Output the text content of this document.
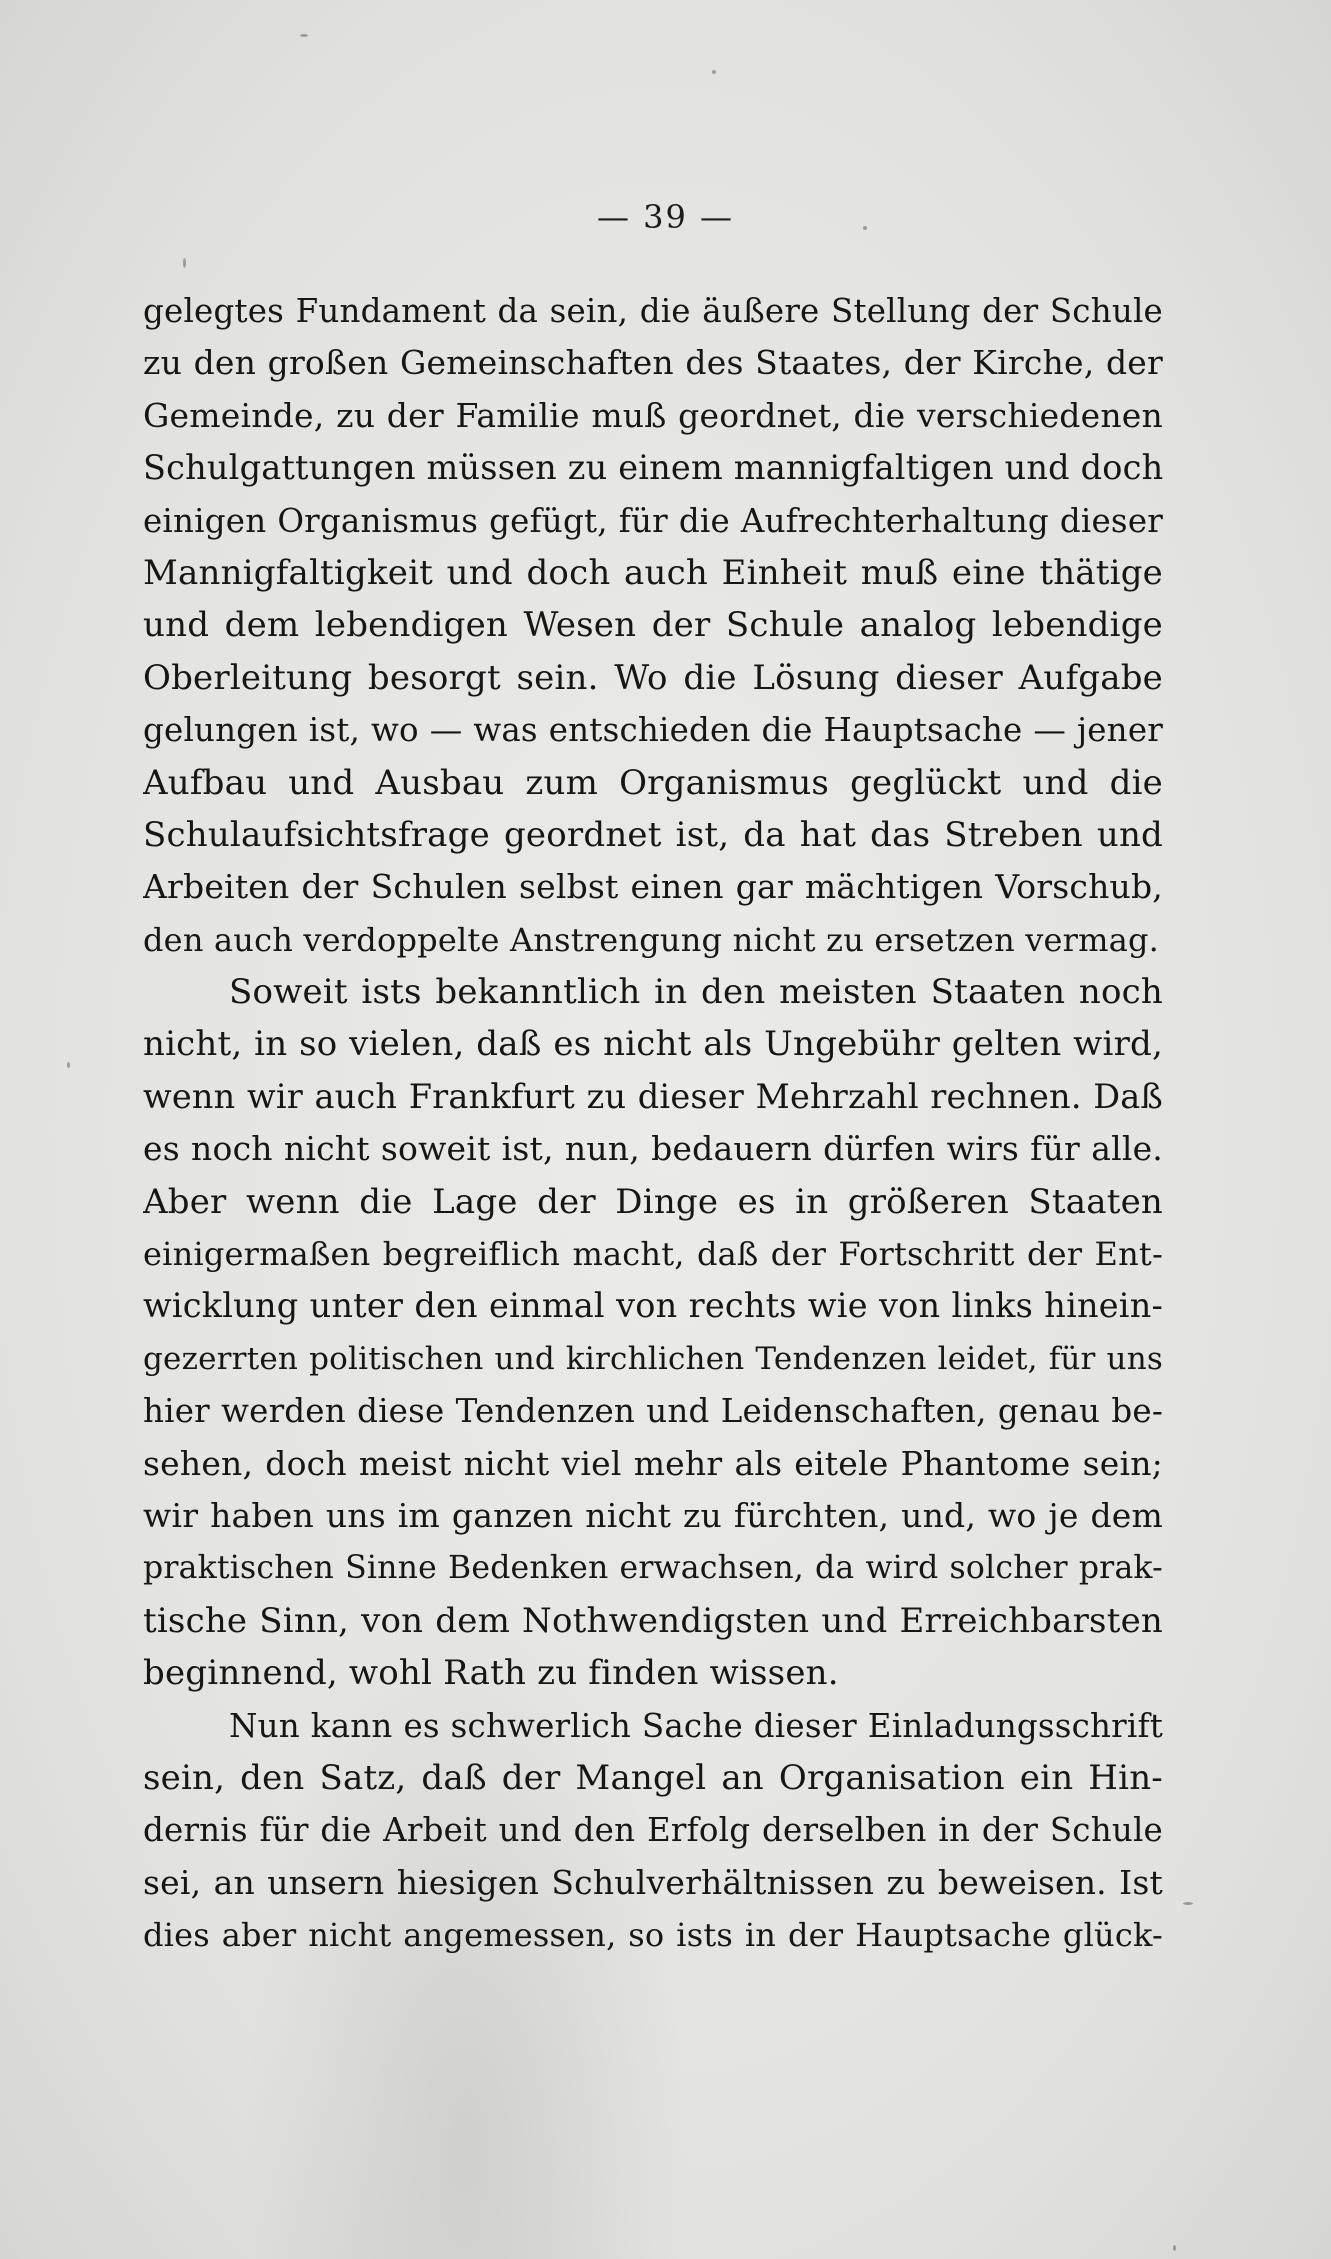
— 39 —
gelegtes Fundament da sein, die äußere Stellung der Schule
zu den großen Gemeinschaften des Staates, der Kirche, der
Gemeinde, zu der Familie muß geordnet, die verschiedenen
Schulgattungen müssen zu einem mannigfaltigen und doch
einigen Organismus gefügt, für die Aufrechterhaltung dieser
Mannigfaltigkeit und doch auch Einheit muß eine thätige
und dem lebendigen Wesen der Schule analog lebendige
Oberleitung besorgt sein. Wo die Lösung dieser Aufgabe
gelungen ist, wo — was entschieden die Hauptsache — jener
Aufbau und Ausbau zum Organismus geglückt und die
Schulaufsichtsfrage geordnet ist, da hat das Streben und
Arbeiten der Schulen selbst einen gar mächtigen Vorschub,
den auch verdoppelte Anstrengung nicht zu ersetzen vermag.
Soweit ists bekanntlich in den meisten Staaten noch
nicht, in so vielen, daß es nicht als Ungebühr gelten wird,
wenn wir auch Frankfurt zu dieser Mehrzahl rechnen. Daß
es noch nicht soweit ist, nun, bedauern dürfen wirs für alle.
Aber wenn die Lage der Dinge es in größeren Staaten
einigermaßen begreiflich macht, daß der Fortschritt der Ent-
wicklung unter den einmal von rechts wie von links hinein-
gezerrten politischen und kirchlichen Tendenzen leidet, für uns
hier werden diese Tendenzen und Leidenschaften, genau be-
sehen, doch meist nicht viel mehr als eitele Phantome sein;
wir haben uns im ganzen nicht zu fürchten, und, wo je dem
praktischen Sinne Bedenken erwachsen, da wird solcher prak-
tische Sinn, von dem Nothwendigsten und Erreichbarsten
beginnend, wohl Rath zu finden wissen.
Nun kann es schwerlich Sache dieser Einladungsschrift
sein, den Satz, daß der Mangel an Organisation ein Hin-
dernis für die Arbeit und den Erfolg derselben in der Schule
sei, an unsern hiesigen Schulverhältnissen zu beweisen. Ist
dies aber nicht angemessen, so ists in der Hauptsache glück-
